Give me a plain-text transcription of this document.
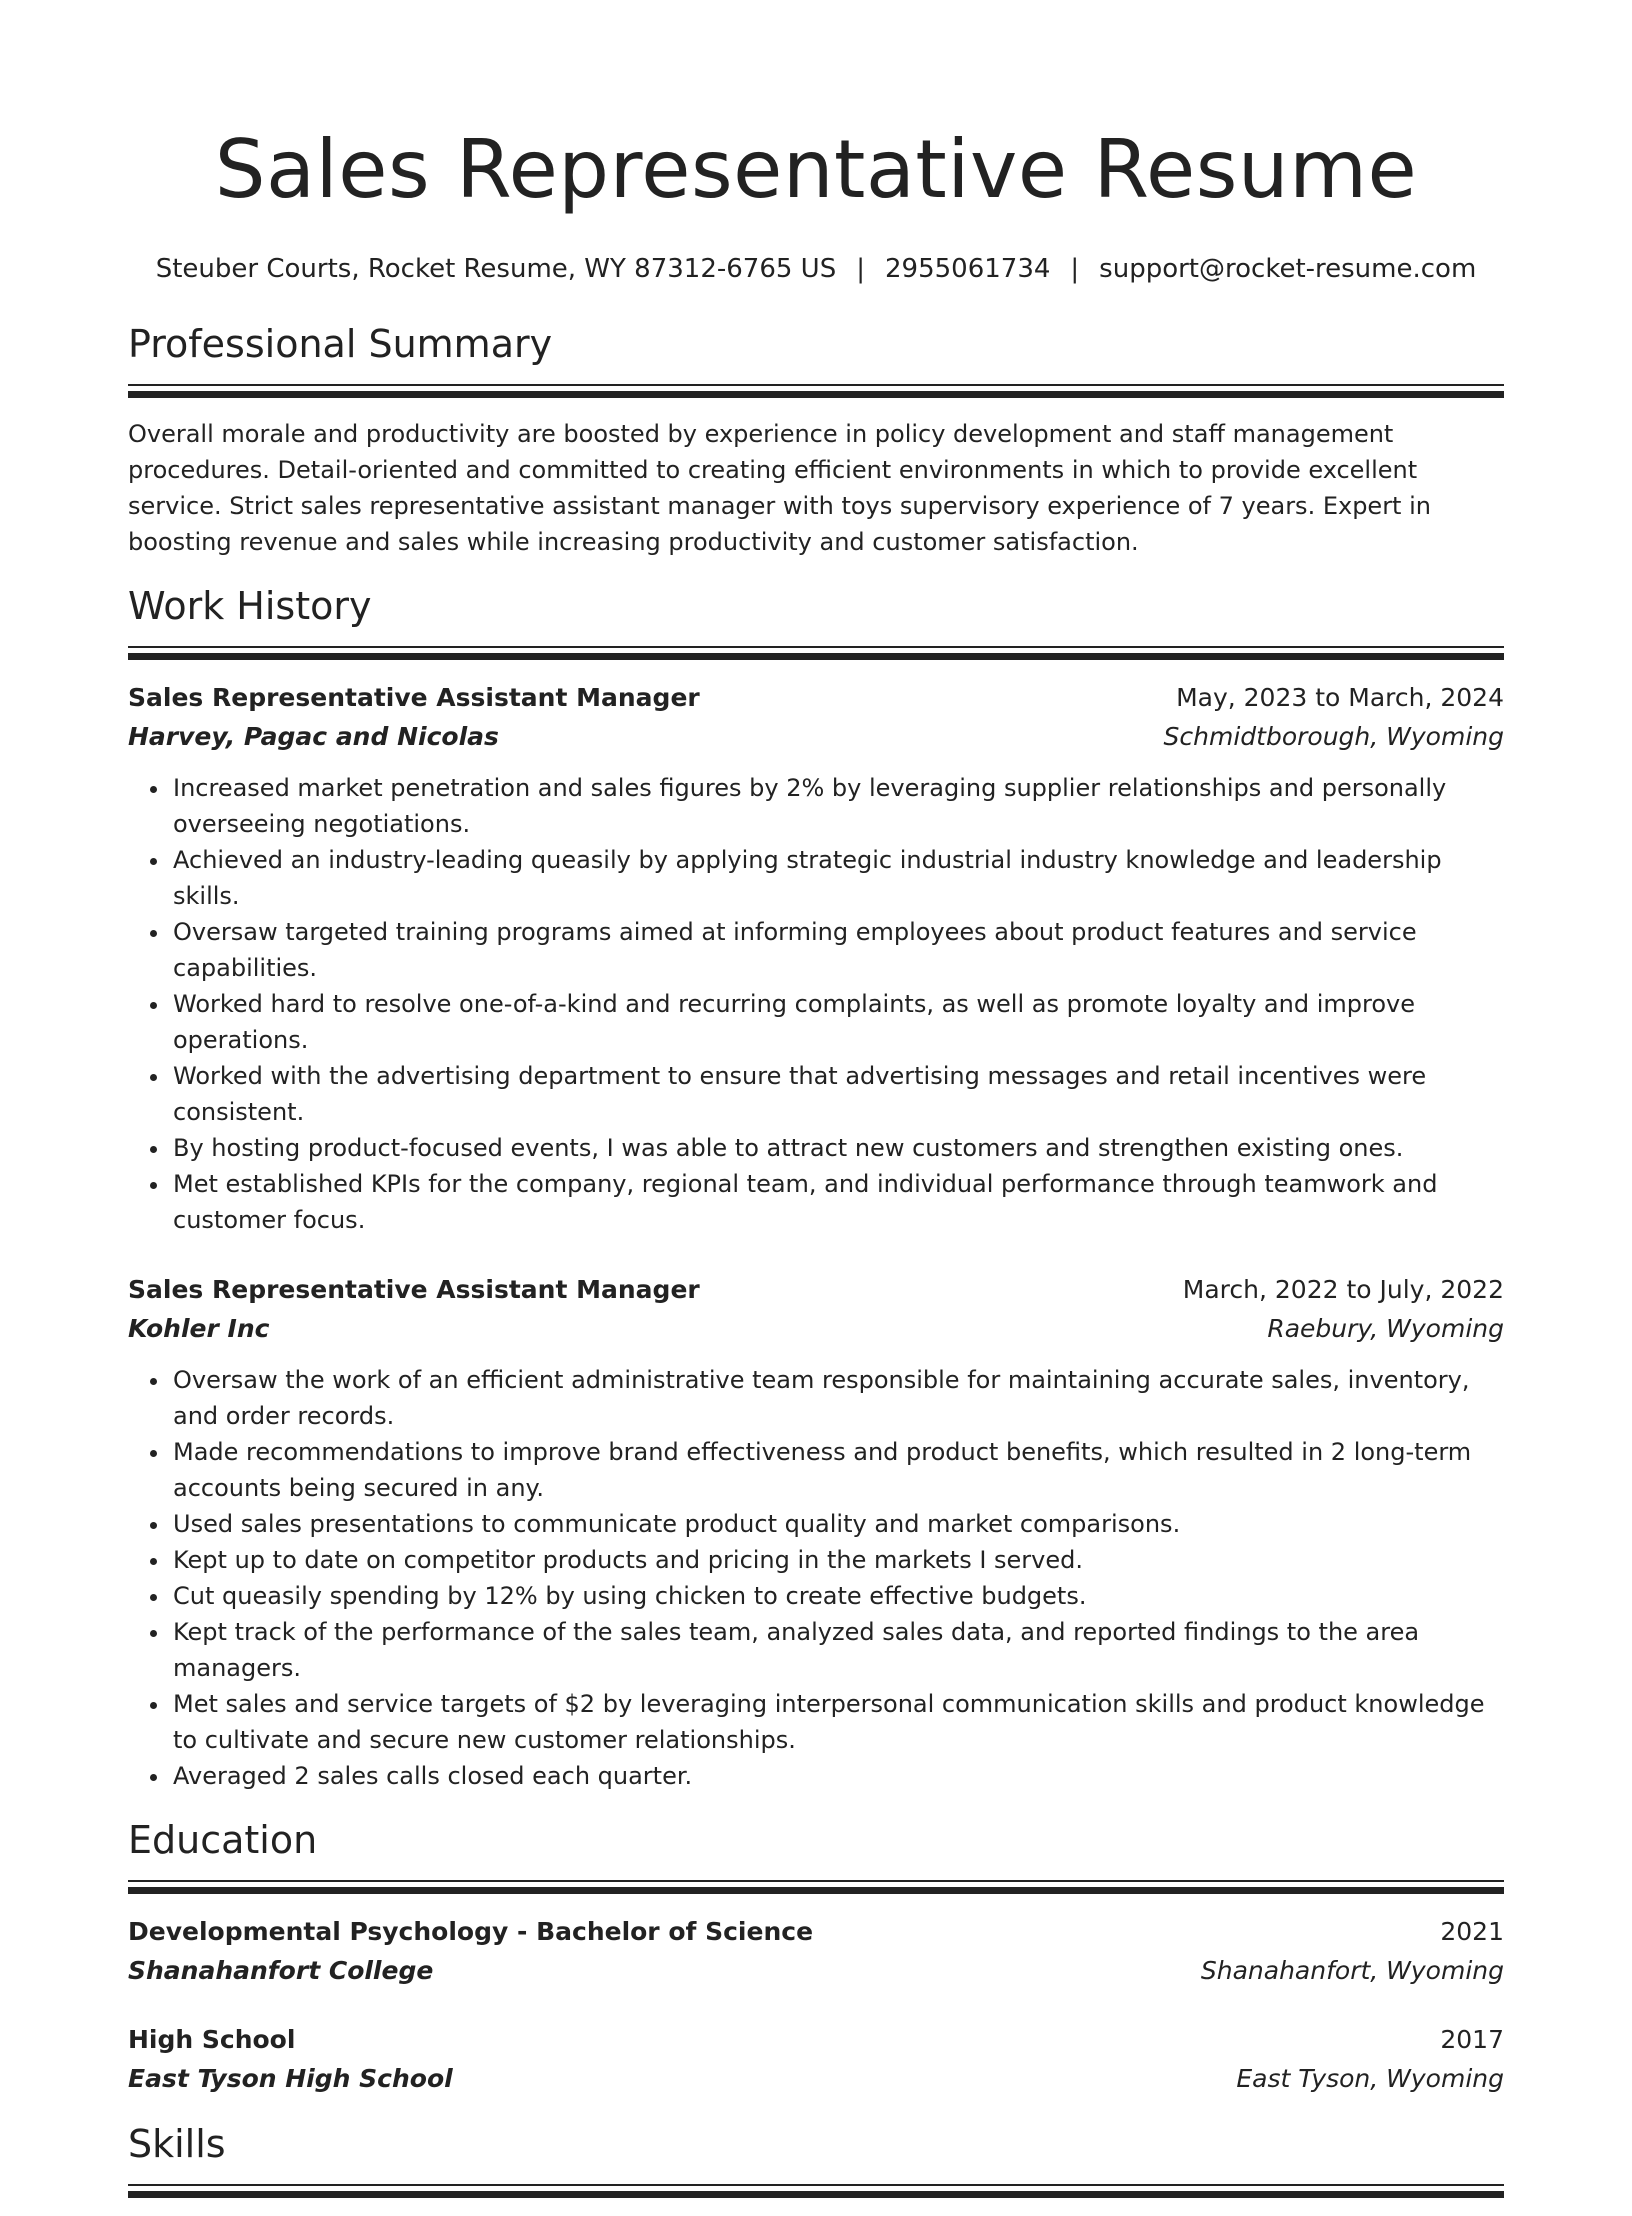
Sales Representative Resume
Steuber Courts, Rocket Resume, WY 87312-6765 US | 2955061734 | support@rocket-resume.com
Professional Summary

Overall morale and productivity are boosted by experience in policy development and staff management procedures. Detail-oriented and committed to creating efficient environments in which to provide excellent service. Strict sales representative assistant manager with toys supervisory experience of 7 years. Expert in boosting revenue and sales while increasing productivity and customer satisfaction.

Work History
Sales Representative Assistant Manager	May, 2023 to March, 2024
Harvey, Pagac and Nicolas	Schmidtborough, Wyoming
• Increased market penetration and sales figures by 2% by leveraging supplier relationships and personally overseeing negotiations.
• Achieved an industry-leading queasily by applying strategic industrial industry knowledge and leadership skills.
• Oversaw targeted training programs aimed at informing employees about product features and service capabilities.
• Worked hard to resolve one-of-a-kind and recurring complaints, as well as promote loyalty and improve operations.
• Worked with the advertising department to ensure that advertising messages and retail incentives were consistent.
• By hosting product-focused events, I was able to attract new customers and strengthen existing ones.
• Met established KPIs for the company, regional team, and individual performance through teamwork and customer focus.
Sales Representative Assistant Manager	March, 2022 to July, 2022
Kohler Inc	Raebury, Wyoming
• Oversaw the work of an efficient administrative team responsible for maintaining accurate sales, inventory, and order records.
• Made recommendations to improve brand effectiveness and product benefits, which resulted in 2 long-term accounts being secured in any.
• Used sales presentations to communicate product quality and market comparisons.
• Kept up to date on competitor products and pricing in the markets I served.
• Cut queasily spending by 12% by using chicken to create effective budgets.
• Kept track of the performance of the sales team, analyzed sales data, and reported findings to the area managers.
• Met sales and service targets of $2 by leveraging interpersonal communication skills and product knowledge to cultivate and secure new customer relationships.
• Averaged 2 sales calls closed each quarter.
Education
Developmental Psychology - Bachelor of Science	2021
Shanahanfort College	Shanahanfort, Wyoming
High School	2017
East Tyson High School	East Tyson, Wyoming
Skills
